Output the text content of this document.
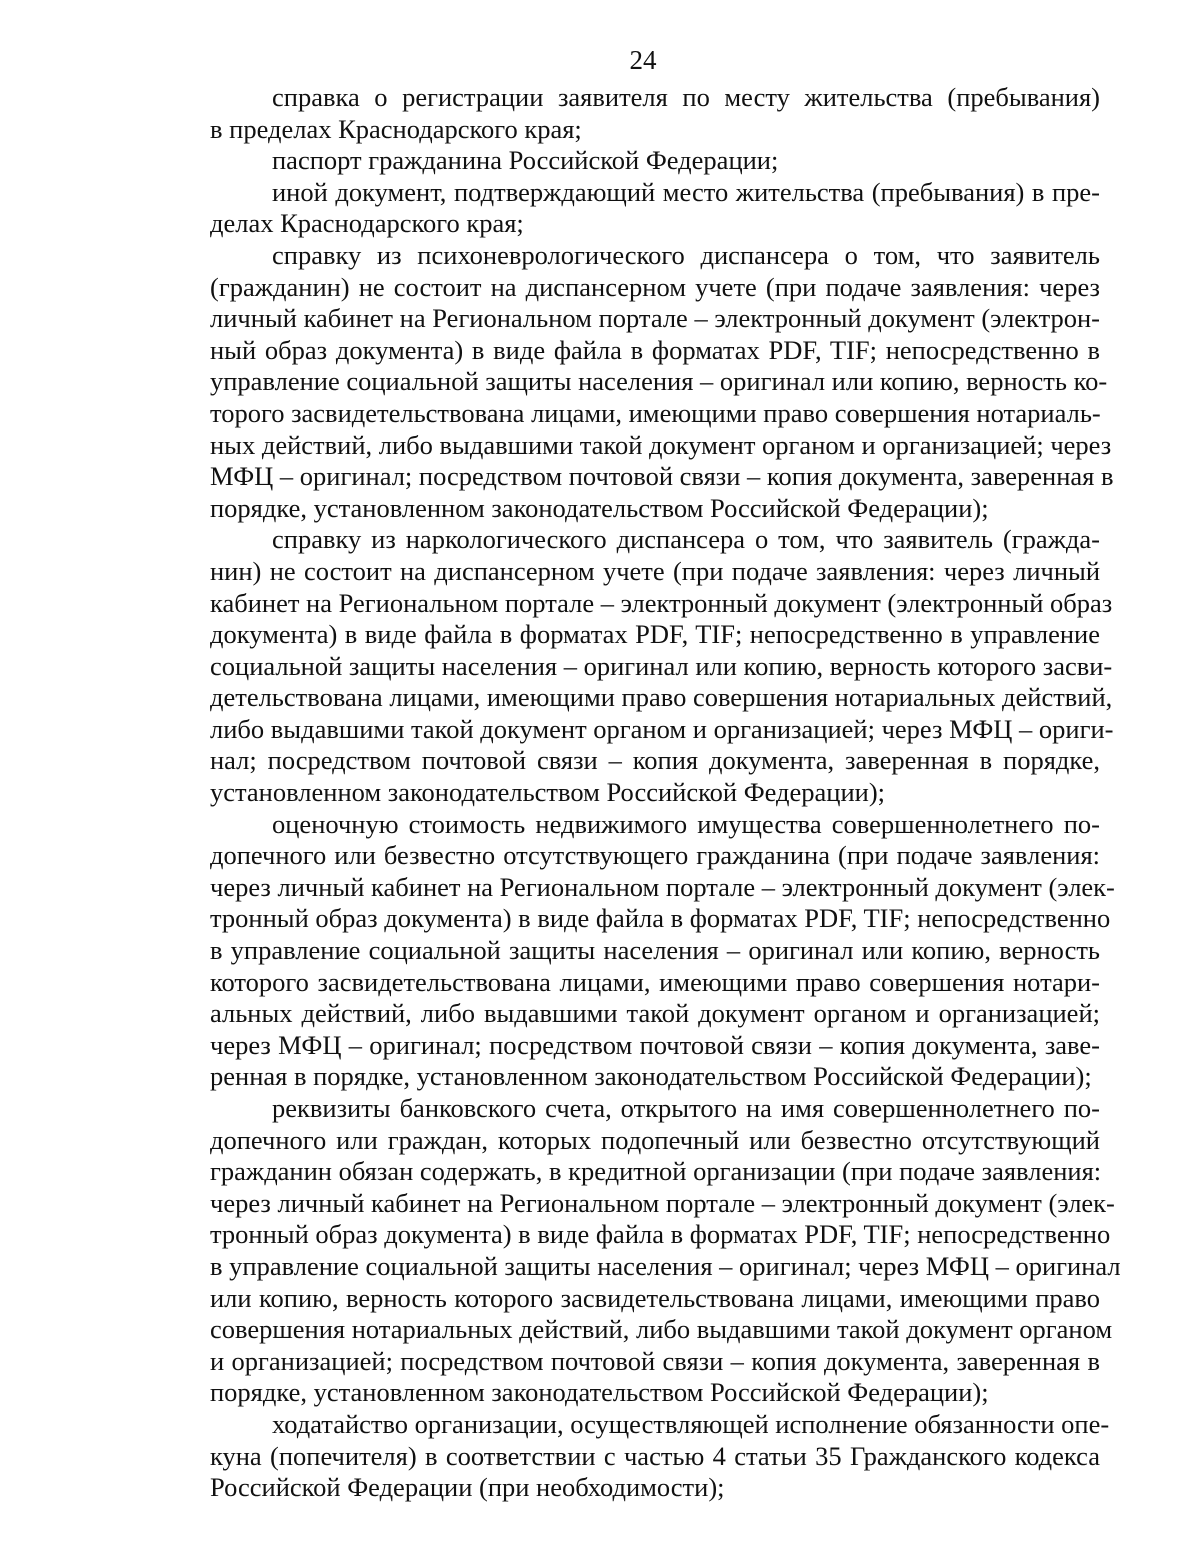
24
справка о регистрации заявителя по месту жительства (пребывания)
в пределах Краснодарского края;
паспорт гражданина Российской Федерации;
иной документ, подтверждающий место жительства (пребывания) в пре-
делах Краснодарского края;
справку из психоневрологического диспансера о том, что заявитель
(гражданин) не состоит на диспансерном учете (при подаче заявления: через
личный кабинет на Региональном портале – электронный документ (электрон-
ный образ документа) в виде файла в форматах PDF, TIF; непосредственно в
управление социальной защиты населения – оригинал или копию, верность ко-
торого засвидетельствована лицами, имеющими право совершения нотариаль-
ных действий, либо выдавшими такой документ органом и организацией; через
МФЦ – оригинал; посредством почтовой связи – копия документа, заверенная в
порядке, установленном законодательством Российской Федерации);
справку из наркологического диспансера о том, что заявитель (гражда-
нин) не состоит на диспансерном учете (при подаче заявления: через личный
кабинет на Региональном портале – электронный документ (электронный образ
документа) в виде файла в форматах PDF, TIF; непосредственно в управление
социальной защиты населения – оригинал или копию, верность которого засви-
детельствована лицами, имеющими право совершения нотариальных действий,
либо выдавшими такой документ органом и организацией; через МФЦ – ориги-
нал; посредством почтовой связи – копия документа, заверенная в порядке,
установленном законодательством Российской Федерации);
оценочную стоимость недвижимого имущества совершеннолетнего по-
допечного или безвестно отсутствующего гражданина (при подаче заявления:
через личный кабинет на Региональном портале – электронный документ (элек-
тронный образ документа) в виде файла в форматах PDF, TIF; непосредственно
в управление социальной защиты населения – оригинал или копию, верность
которого засвидетельствована лицами, имеющими право совершения нотари-
альных действий, либо выдавшими такой документ органом и организацией;
через МФЦ – оригинал; посредством почтовой связи – копия документа, заве-
ренная в порядке, установленном законодательством Российской Федерации);
реквизиты банковского счета, открытого на имя совершеннолетнего по-
допечного или граждан, которых подопечный или безвестно отсутствующий
гражданин обязан содержать, в кредитной организации (при подаче заявления:
через личный кабинет на Региональном портале – электронный документ (элек-
тронный образ документа) в виде файла в форматах PDF, TIF; непосредственно
в управление социальной защиты населения – оригинал; через МФЦ – оригинал
или копию, верность которого засвидетельствована лицами, имеющими право
совершения нотариальных действий, либо выдавшими такой документ органом
и организацией; посредством почтовой связи – копия документа, заверенная в
порядке, установленном законодательством Российской Федерации);
ходатайство организации, осуществляющей исполнение обязанности опе-
куна (попечителя) в соответствии с частью 4 статьи 35 Гражданского кодекса
Российской Федерации (при необходимости);
